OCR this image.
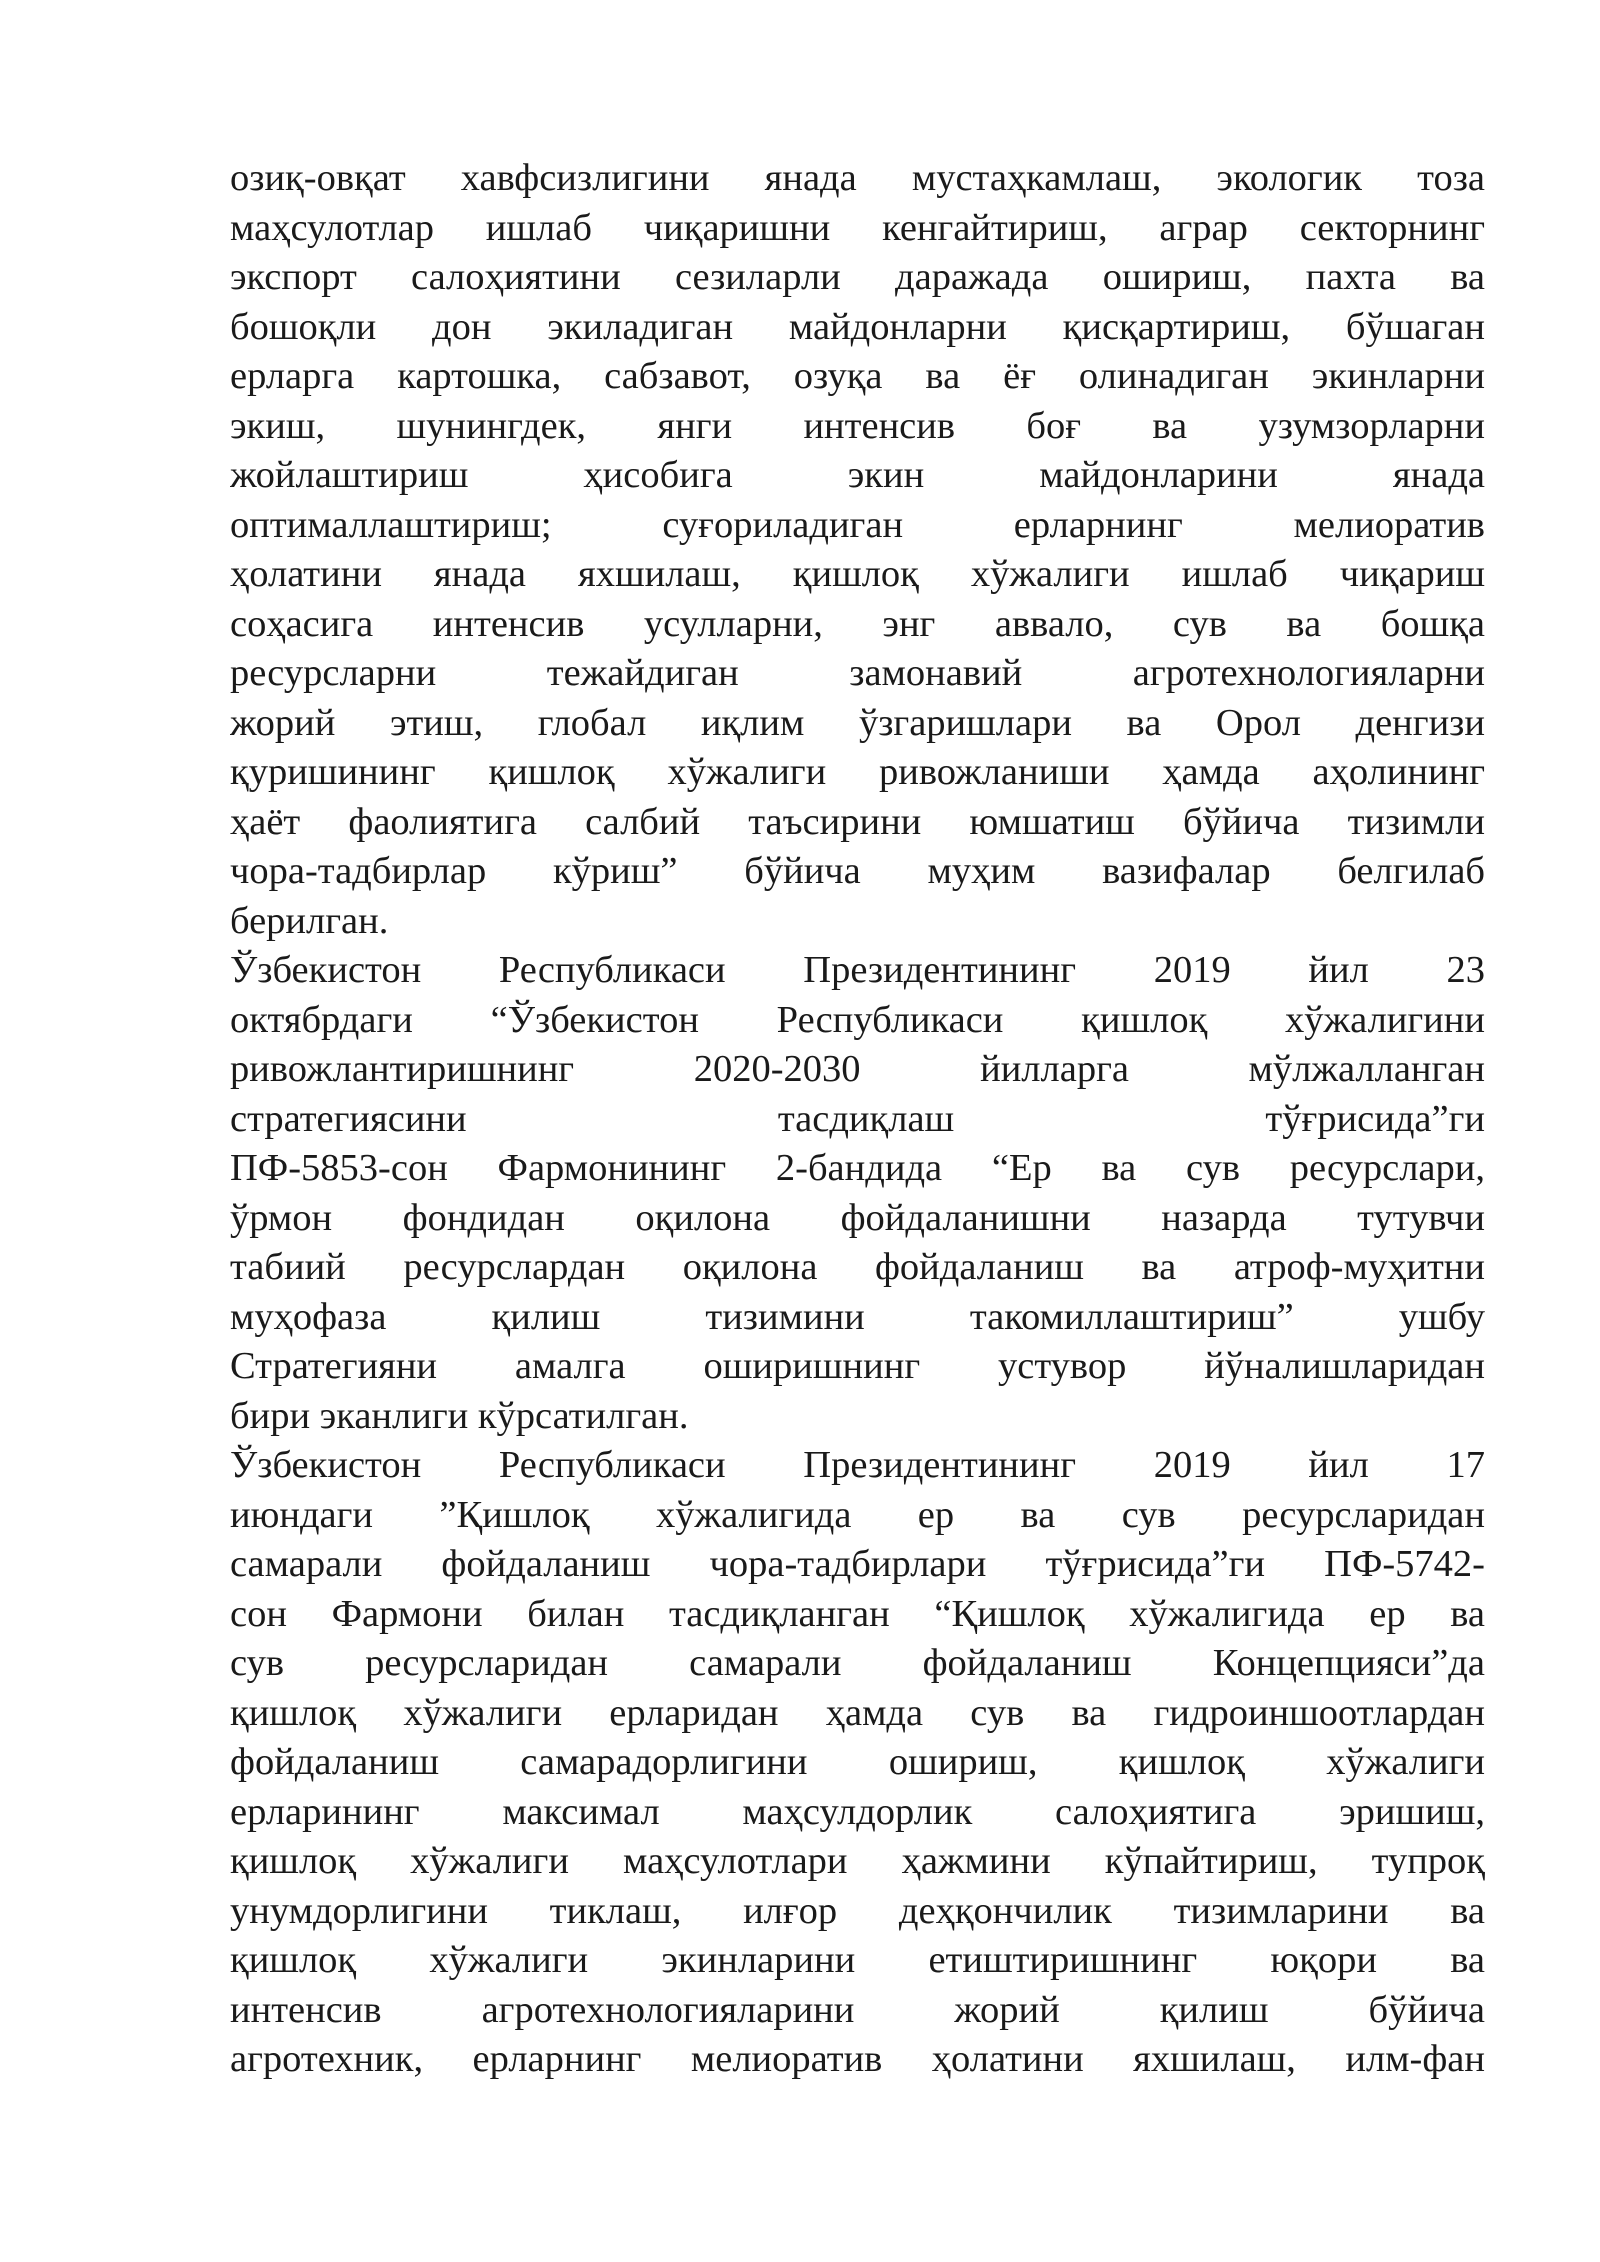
озиқ-овқат хавфсизлигини янада мустаҳкамлаш, экологик тоза
маҳсулотлар ишлаб чиқаришни кенгайтириш, аграр секторнинг
экспорт салоҳиятини сезиларли даражада ошириш, пахта ва
бошоқли дон экиладиган майдонларни қисқартириш, бўшаган
ерларга картошка, сабзавот, озуқа ва ёғ олинадиган экинларни
экиш, шунингдек, янги интенсив боғ ва узумзорларни
жойлаштириш ҳисобига экин майдонларини янада
оптималлаштириш; суғориладиган ерларнинг мелиоратив
ҳолатини янада яхшилаш, қишлоқ хўжалиги ишлаб чиқариш
соҳасига интенсив усулларни, энг аввало, сув ва бошқа
ресурсларни тежайдиган замонавий агротехнологияларни
жорий этиш, глобал иқлим ўзгаришлари ва Орол денгизи
қуришининг қишлоқ хўжалиги ривожланиши ҳамда аҳолининг
ҳаёт фаолиятига салбий таъсирини юмшатиш бўйича тизимли
чора-тадбирлар кўриш” бўйича муҳим вазифалар белгилаб
берилган.
Ўзбекистон Республикаси Президентининг 2019 йил 23
октябрдаги “Ўзбекистон Республикаси қишлоқ хўжалигини
ривожлантиришнинг 2020-2030 йилларга мўлжалланган
стратегиясини тасдиқлаш тўғрисида”ги
ПФ-5853-сон Фармонининг 2-бандида “Ер ва сув ресурслари,
ўрмон фондидан оқилона фойдаланишни назарда тутувчи
табиий ресурслардан оқилона фойдаланиш ва атроф-муҳитни
муҳофаза қилиш тизимини такомиллаштириш” ушбу
Стратегияни амалга оширишнинг устувор йўналишларидан
бири эканлиги кўрсатилган.
Ўзбекистон Республикаси Президентининг 2019 йил 17
июндаги ”Қишлоқ хўжалигида ер ва сув ресурсларидан
самарали фойдаланиш чора-тадбирлари тўғрисида”ги ПФ-5742-
сон Фармони билан тасдиқланган “Қишлоқ хўжалигида ер ва
сув ресурсларидан самарали фойдаланиш Концепцияси”да
қишлоқ хўжалиги ерларидан ҳамда сув ва гидроиншоотлардан
фойдаланиш самарадорлигини ошириш, қишлоқ хўжалиги
ерларининг максимал маҳсулдорлик салоҳиятига эришиш,
қишлоқ хўжалиги маҳсулотлари ҳажмини кўпайтириш, тупроқ
унумдорлигини тиклаш, илғор деҳқончилик тизимларини ва
қишлоқ хўжалиги экинларини етиштиришнинг юқори ва
интенсив агротехнологияларини жорий қилиш бўйича
агротехник, ерларнинг мелиоратив ҳолатини яхшилаш, илм-фан
